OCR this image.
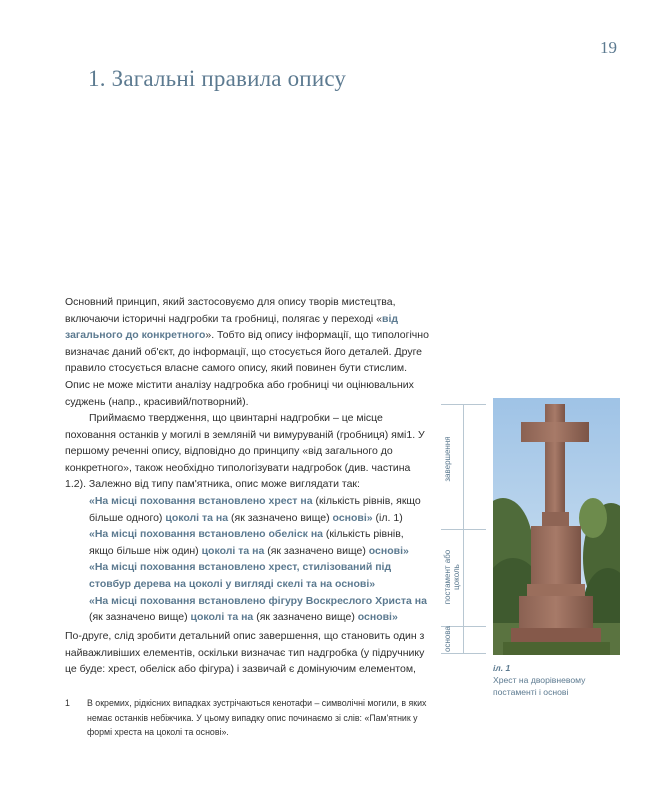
19
1. Загальні правила опису

Основний принцип, який застосовуємо для опису творів мистецтва, включаючи історичні надгробки та гробниці, полягає у переході «від загального до конкретного». Тобто від опису інформації, що типологічно визначає даний об'єкт, до інформації, що стосується його деталей. Друге правило стосується власне самого опису, який повинен бути стислим. Опис не може містити аналізу надгробка або гробниці чи оцінювальних суджень (напр., красивий/потворний).

Приймаємо твердження, що цвинтарні надгробки – це місце поховання останків у могилі в земляній чи вимуруваній (гробниця) ямі1. У першому реченні опису, відповідно до принципу «від загального до конкретного», також необхідно типологізувати надгробок (див. частина 1.2). Залежно від типу пам'ятника, опис може виглядати так:

«На місці поховання встановлено хрест на (кількість рівнів, якщо більше одного) цоколі та на (як зазначено вище) основі» (іл. 1)

«На місці поховання встановлено обеліск на (кількість рівнів, якщо більше ніж один) цоколі та на (як зазначено вище) основі»

«На місці поховання встановлено хрест, стилізований під стовбур дерева на цоколі у вигляді скелі та на основі»

«На місці поховання встановлено фігуру Воскреслого Христа на (як зазначено вище) цоколі та на (як зазначено вище) основі»

По-друге, слід зробити детальний опис завершення, що становить один з найважливіших елементів, оскільки визначає тип надгробка (у підручнику це буде: хрест, обеліск або фігура) і зазвичай є домінуючим елементом,

1 В окремих, рідкісних випадках зустрічаються кенотафи – символічні могили, в яких немає останків небіжчика. У цьому випадку опис починаємо зі слів: «Пам'ятник у формі хреста на цоколі та основі».

завершення
постамент або цоколь
основа
іл. 1
Хрест на дворівневому постаменті і основі
